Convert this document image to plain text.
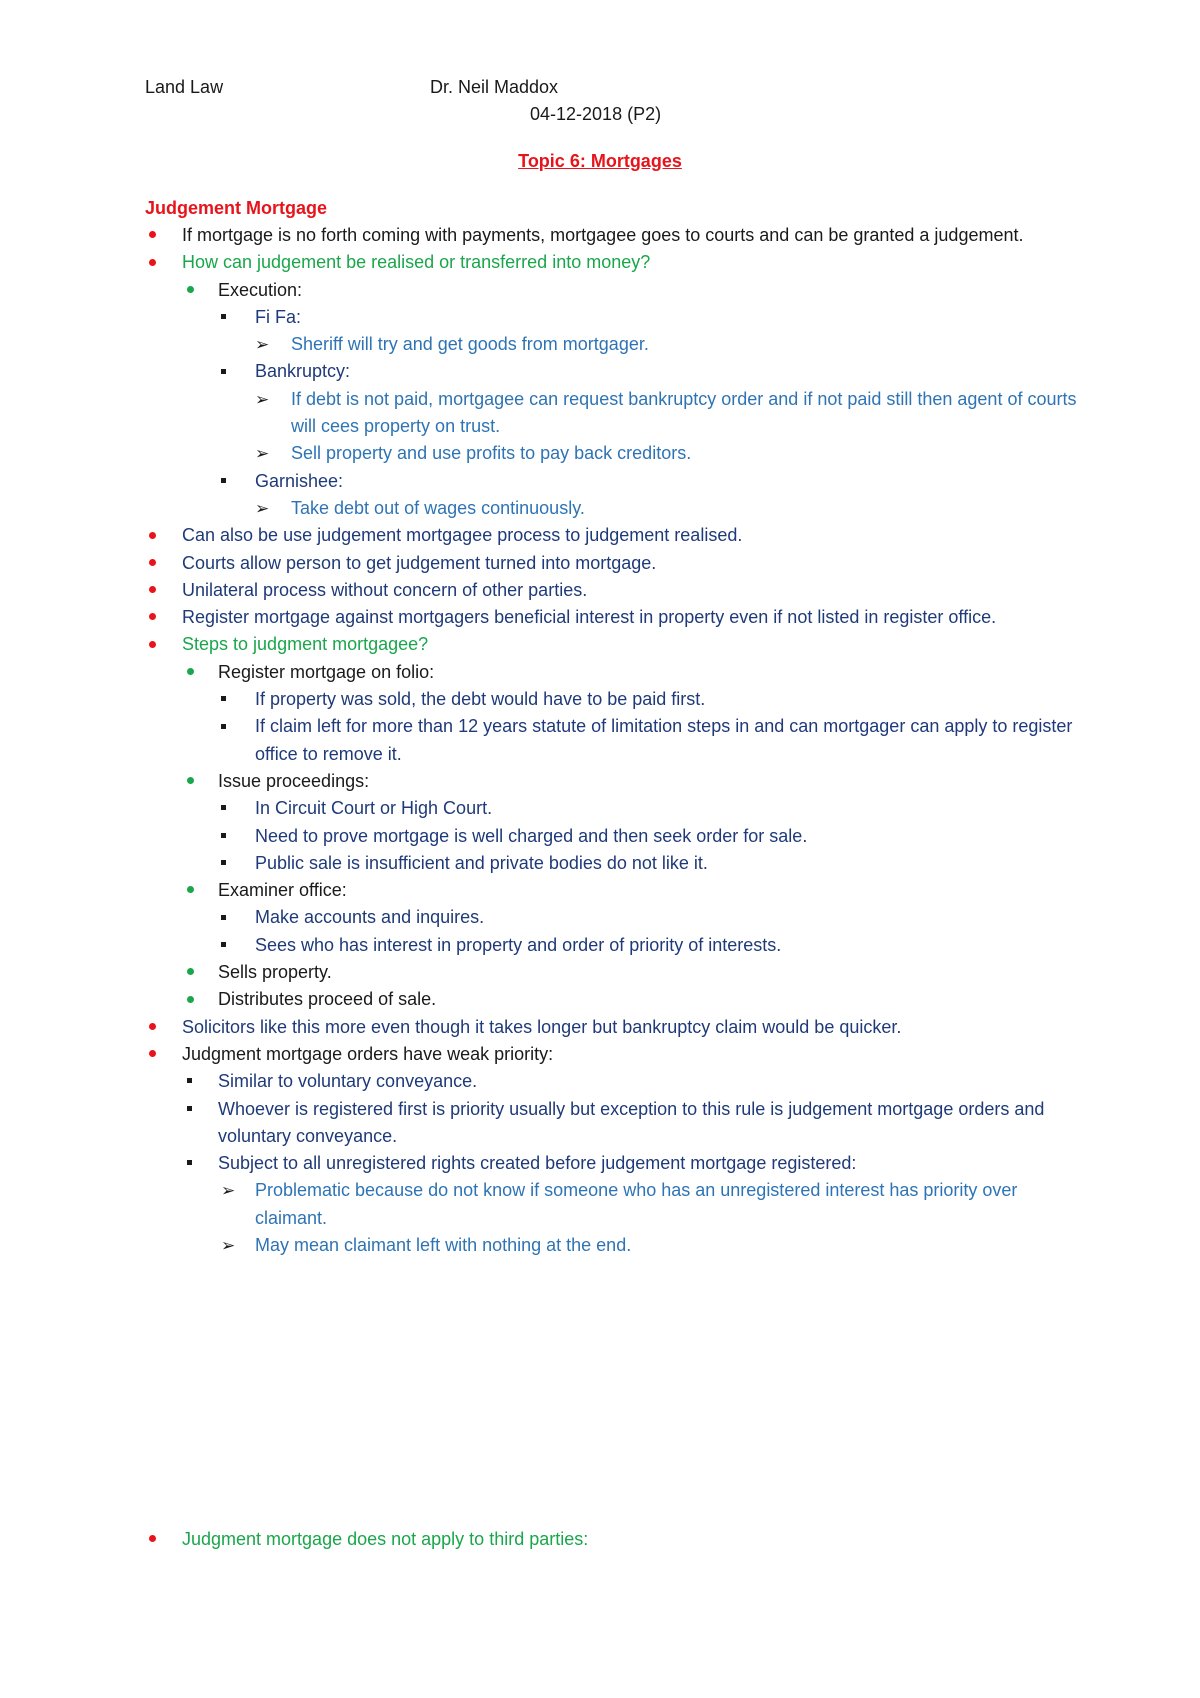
Land Law	Dr. Neil Maddox
04-12-2018 (P2)
Topic 6: Mortgages
Judgement Mortgage
If mortgage is no forth coming with payments, mortgagee goes to courts and can be granted a judgement.
How can judgement be realised or transferred into money?
Execution:
Fi Fa:
➢	Sheriff will try and get goods from mortgager.
Bankruptcy:
➢	If debt is not paid, mortgagee can request bankruptcy order and if not paid still then agent of courts will cees property on trust.
➢	Sell property and use profits to pay back creditors.
Garnishee:
➢	Take debt out of wages continuously.
Can also be use judgement mortgagee process to judgement realised.
Courts allow person to get judgement turned into mortgage.
Unilateral process without concern of other parties.
Register mortgage against mortgagers beneficial interest in property even if not listed in register office.
Steps to judgment mortgagee?
Register mortgage on folio:
If property was sold, the debt would have to be paid first.
If claim left for more than 12 years statute of limitation steps in and can mortgager can apply to register office to remove it.
Issue proceedings:
In Circuit Court or High Court.
Need to prove mortgage is well charged and then seek order for sale.
Public sale is insufficient and private bodies do not like it.
Examiner office:
Make accounts and inquires.
Sees who has interest in property and order of priority of interests.
Sells property.
Distributes proceed of sale.
Solicitors like this more even though it takes longer but bankruptcy claim would be quicker.
Judgment mortgage orders have weak priority:
Similar to voluntary conveyance.
Whoever is registered first is priority usually but exception to this rule is judgement mortgage orders and voluntary conveyance.
Subject to all unregistered rights created before judgement mortgage registered:
➢	Problematic because do not know if someone who has an unregistered interest has priority over claimant.
➢	May mean claimant left with nothing at the end.
Judgment mortgage does not apply to third parties:
